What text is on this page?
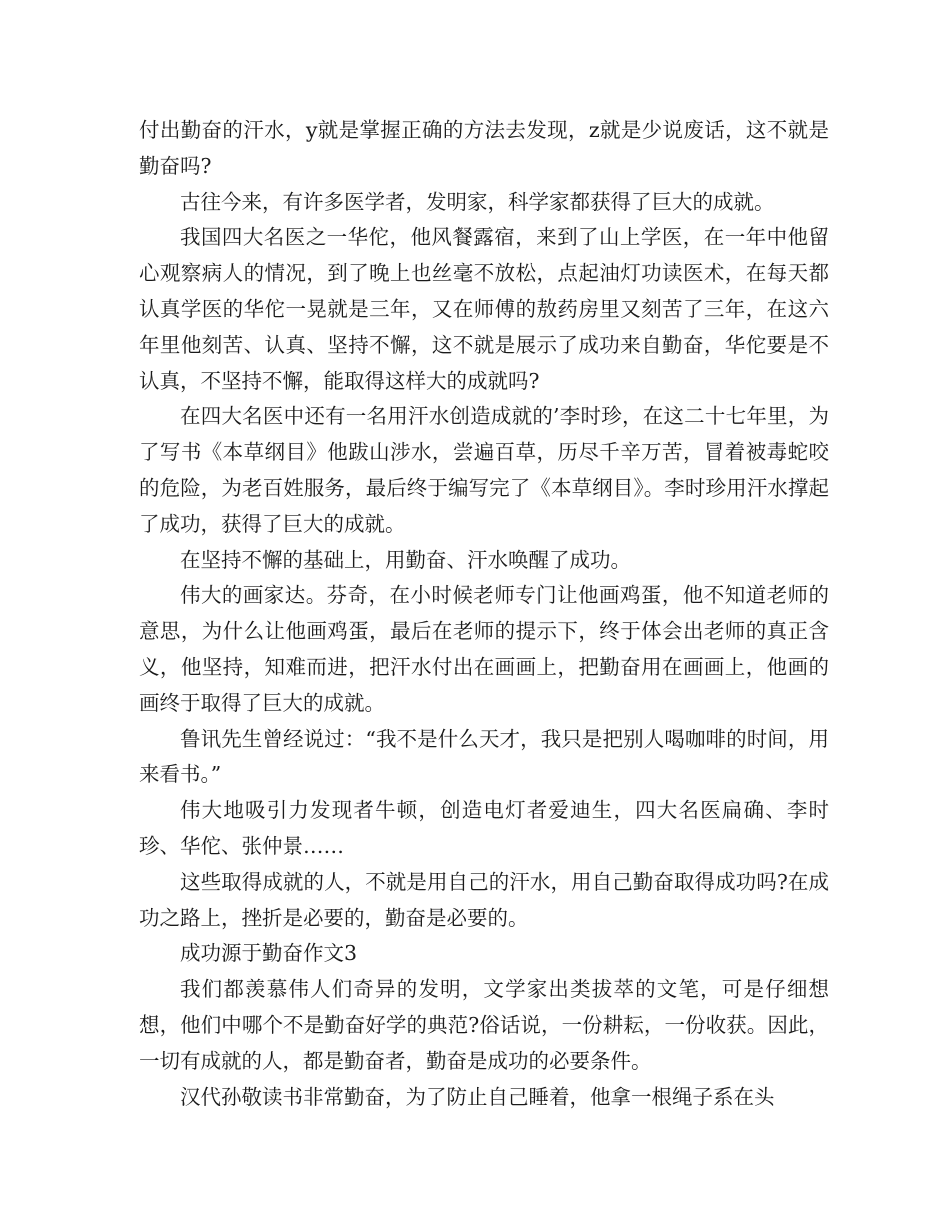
付出勤奋的汗水，y就是掌握正确的方法去发现，z就是少说废话，这不就是勤奋吗?

古往今来，有许多医学者，发明家，科学家都获得了巨大的成就。

我国四大名医之一华佗，他风餐露宿，来到了山上学医，在一年中他留心观察病人的情况，到了晚上也丝毫不放松，点起油灯功读医术，在每天都认真学医的华佗一晃就是三年，又在师傅的敖药房里又刻苦了三年，在这六年里他刻苦、认真、坚持不懈，这不就是展示了成功来自勤奋，华佗要是不认真，不坚持不懈，能取得这样大的成就吗?

在四大名医中还有一名用汗水创造成就的’李时珍，在这二十七年里，为了写书《本草纲目》他跋山涉水，尝遍百草，历尽千辛万苦，冒着被毒蛇咬的危险，为老百姓服务，最后终于编写完了《本草纲目》。李时珍用汗水撑起了成功，获得了巨大的成就。

在坚持不懈的基础上，用勤奋、汗水唤醒了成功。

伟大的画家达。芬奇，在小时候老师专门让他画鸡蛋，他不知道老师的意思，为什么让他画鸡蛋，最后在老师的提示下，终于体会出老师的真正含义，他坚持，知难而进，把汗水付出在画画上，把勤奋用在画画上，他画的画终于取得了巨大的成就。

鲁讯先生曾经说过：“我不是什么天才，我只是把别人喝咖啡的时间，用来看书。”

伟大地吸引力发现者牛顿，创造电灯者爱迪生，四大名医扁确、李时珍、华佗、张仲景……

这些取得成就的人，不就是用自己的汗水，用自己勤奋取得成功吗?在成功之路上，挫折是必要的，勤奋是必要的。

成功源于勤奋作文3

我们都羡慕伟人们奇异的发明，文学家出类拔萃的文笔，可是仔细想想，他们中哪个不是勤奋好学的典范?俗话说，一份耕耘，一份收获。因此，一切有成就的人，都是勤奋者，勤奋是成功的必要条件。

汉代孙敬读书非常勤奋，为了防止自己睡着，他拿一根绳子系在头
